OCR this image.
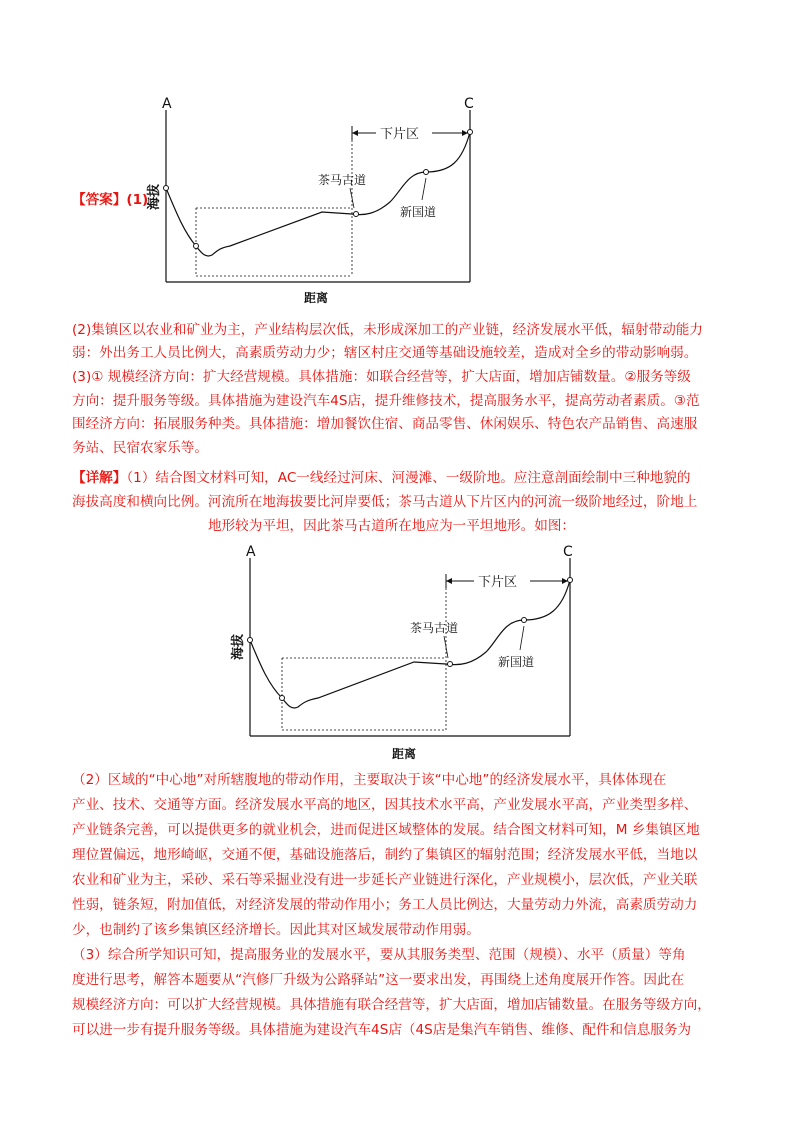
A	C
下片区
茶马古道
新国道
海拔
距离
【答案】(1)
(2)集镇区以农业和矿业为主，产业结构层次低，未形成深加工的产业链，经济发展水平低，辐射带动能力
弱：外出务工人员比例大，高素质劳动力少；辖区村庄交通等基础设施较差，造成对全乡的带动影响弱。
(3)① 规模经济方向：扩大经营规模。具体措施：如联合经营等，扩大店面，增加店铺数量。②服务等级
方向：提升服务等级。具体措施为建设汽车4S店，提升维修技术，提高服务水平，提高劳动者素质。③范
围经济方向：拓展服务种类。具体措施：增加餐饮住宿、商品零售、休闲娱乐、特色农产品销售、高速服
务站、民宿农家乐等。
【详解】（1）结合图文材料可知，AC一线经过河床、河漫滩、一级阶地。应注意剖面绘制中三种地貌的
海拔高度和横向比例。河流所在地海拔要比河岸要低；茶马古道从下片区内的河流一级阶地经过，阶地上
地形较为平坦，因此茶马古道所在地应为一平坦地形。如图：
A	C
下片区
茶马古道
新国道
海拔
距离
（2）区域的“中心地”对所辖腹地的带动作用，主要取决于该“中心地”的经济发展水平，具体体现在
产业、技术、交通等方面。经济发展水平高的地区，因其技术水平高，产业发展水平高，产业类型多样、
产业链条完善，可以提供更多的就业机会，进而促进区域整体的发展。结合图文材料可知，M 乡集镇区地
理位置偏远，地形崎岖，交通不便，基础设施落后，制约了集镇区的辐射范围；经济发展水平低，当地以
农业和矿业为主，采砂、采石等采掘业没有进一步延长产业链进行深化，产业规模小，层次低，产业关联
性弱，链条短，附加值低，对经济发展的带动作用小；务工人员比例达，大量劳动力外流，高素质劳动力
少，也制约了该乡集镇区经济增长。因此其对区域发展带动作用弱。
（3）综合所学知识可知，提高服务业的发展水平，要从其服务类型、范围（规模）、水平（质量）等角
度进行思考，解答本题要从“汽修厂升级为公路驿站”这一要求出发，再围绕上述角度展开作答。因此在
规模经济方向：可以扩大经营规模。具体措施有联合经营等，扩大店面，增加店铺数量。在服务等级方向，
可以进一步有提升服务等级。具体措施为建设汽车4S店（4S店是集汽车销售、维修、配件和信息服务为
